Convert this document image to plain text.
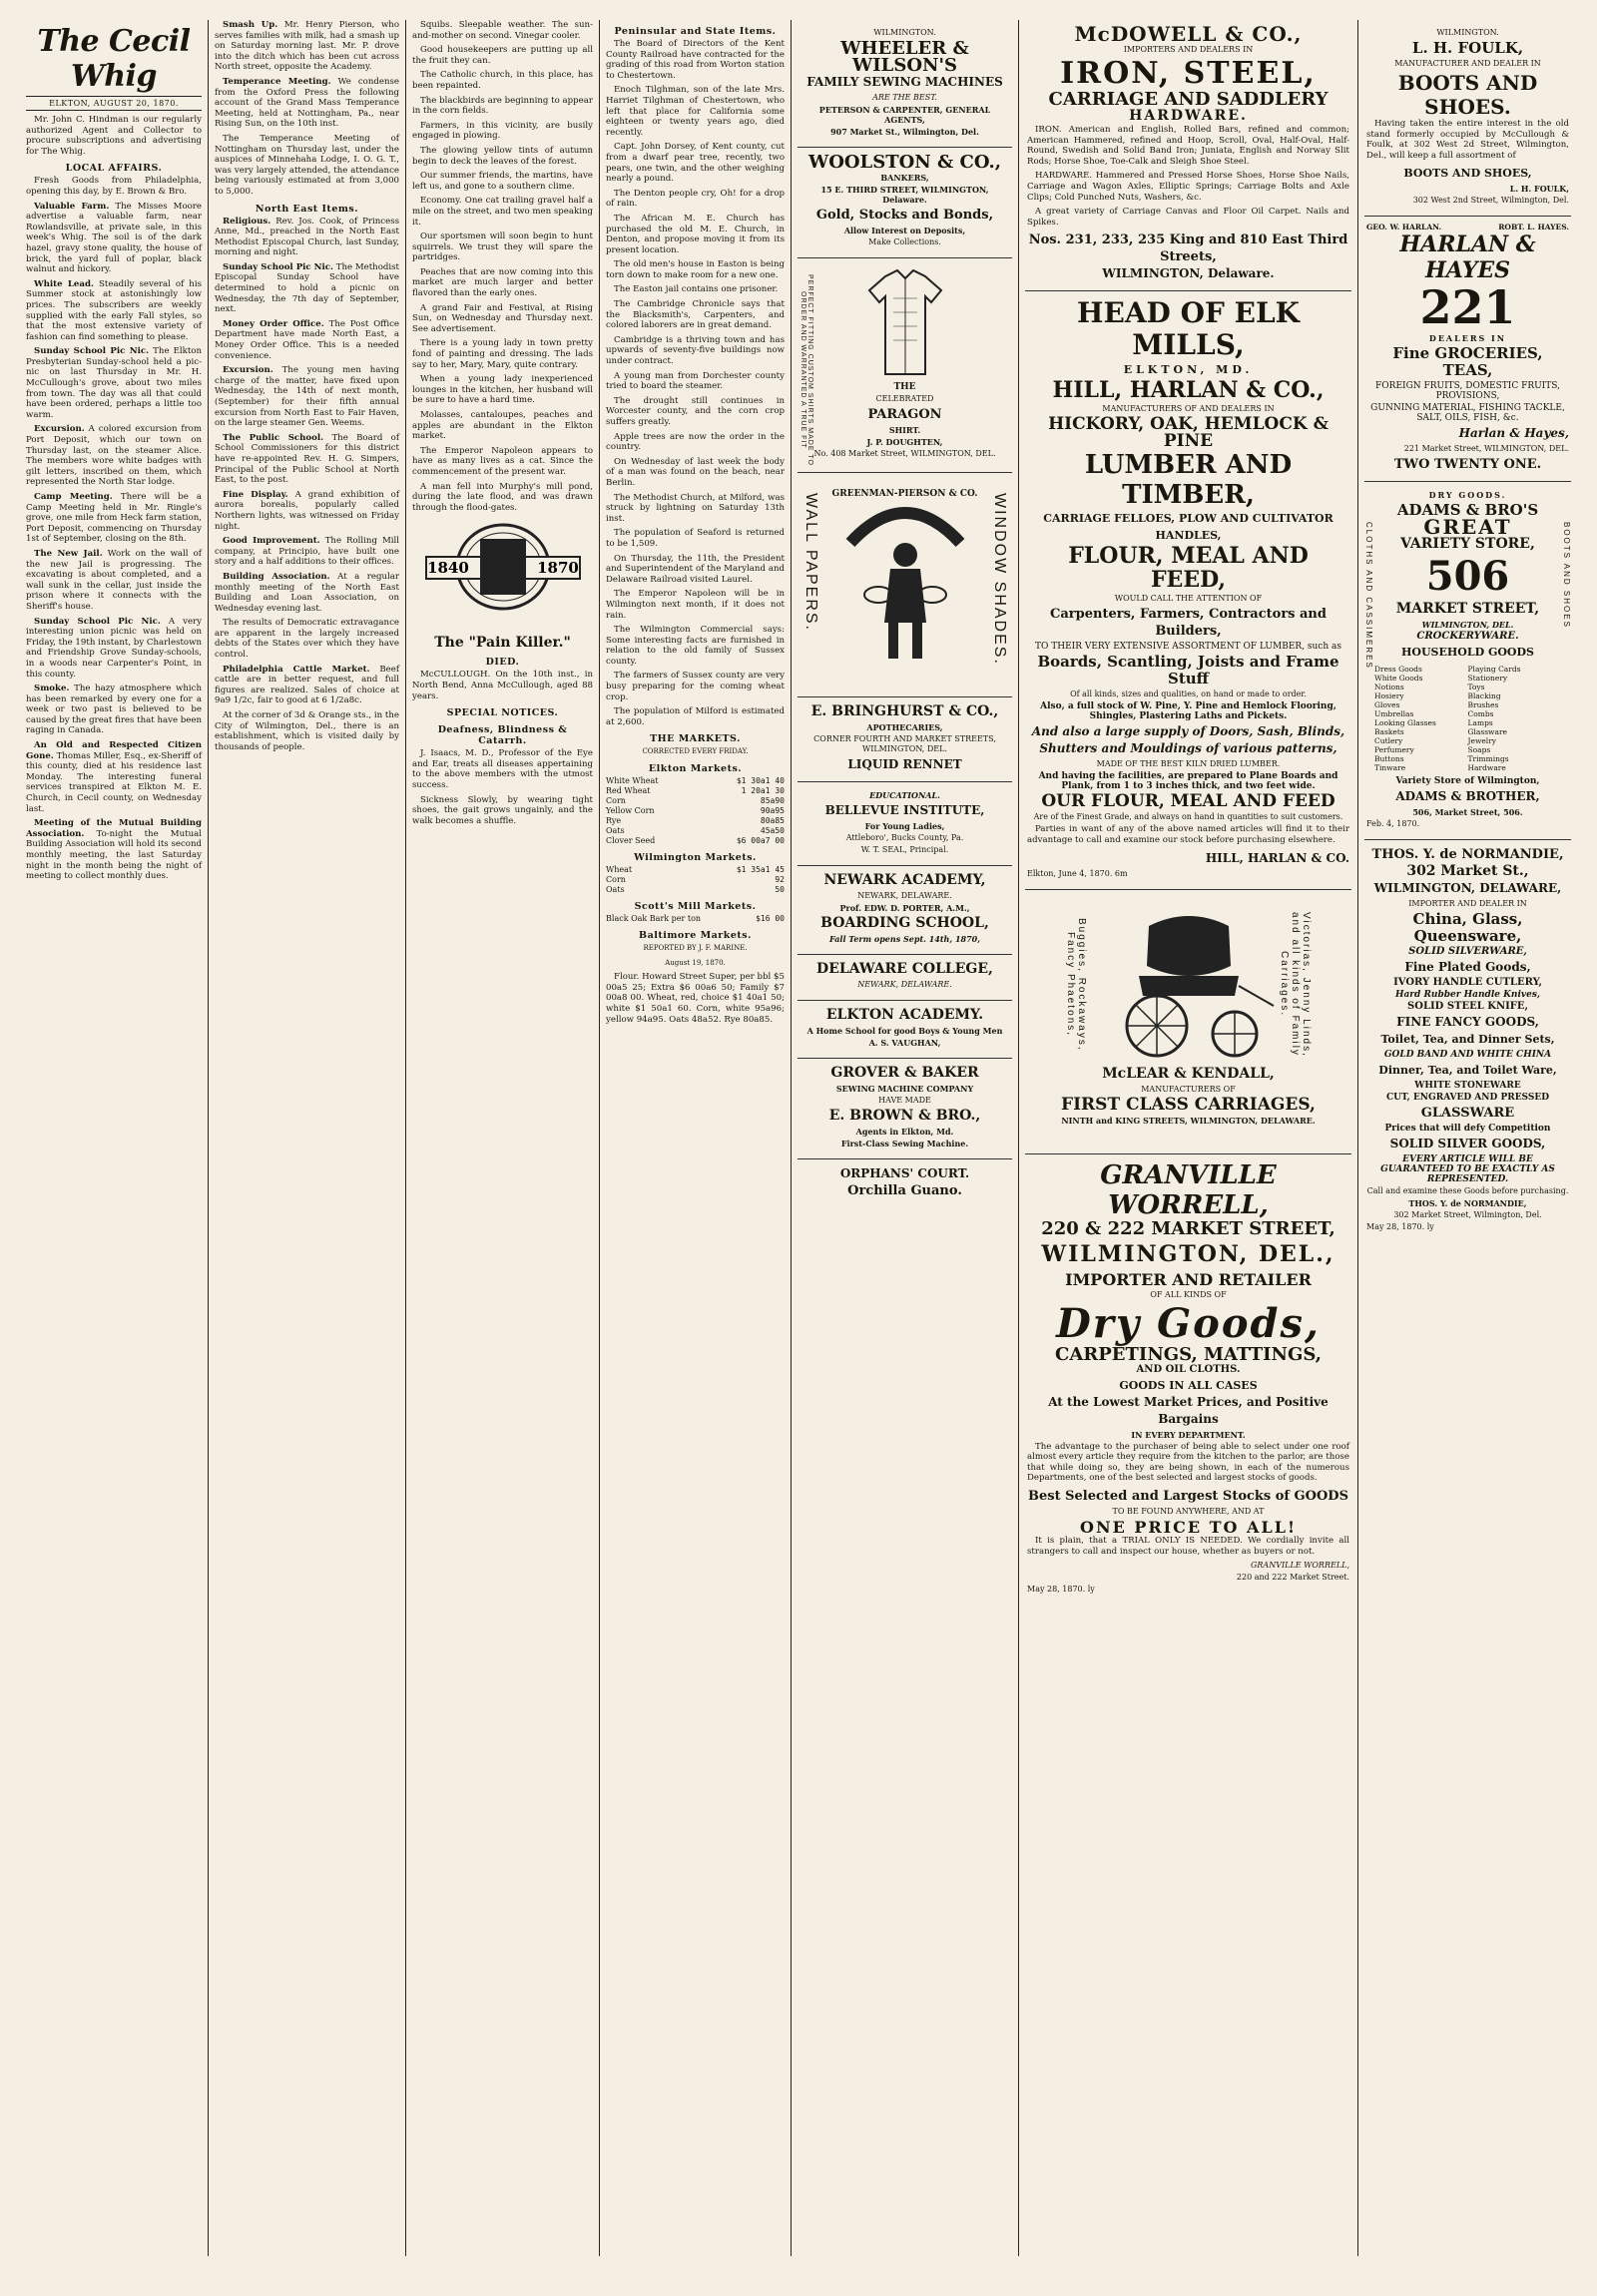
The Cecil Whig
ELKTON, AUGUST 20, 1870.

Mr. John C. Hindman is our regularly authorized Agent and Collector to procure subscriptions and advertising for The Whig.

LOCAL AFFAIRS.

Fresh Goods from Philadelphia, opening this day, by E. Brown & Bro.

Valuable Farm. The Misses Moore advertise a valuable farm, near Rowlandsville, at private sale, in this week's Whig. The soil is of the dark hazel, gravy stone quality, the house of brick, the yard full of poplar, black walnut and hickory.

White Lead. Steadily several of his Summer stock at astonishingly low prices. The subscribers are weekly supplied with the early Fall styles, so that the most extensive variety of fashion can find something to please.

Sunday School Pic Nic. The Elkton Presbyterian Sunday-school held a pic-nic on last Thursday in Mr. H. McCullough's grove, about two miles from town. The day was all that could have been ordered, perhaps a little too warm.

Excursion. A colored excursion from Port Deposit, which our town on Thursday last, on the steamer Alice. The members wore white badges with gilt letters, inscribed on them, which represented the North Star lodge.

Camp Meeting. There will be a Camp Meeting held in Mr. Ringle's grove, one mile from Heck farm station, Port Deposit, commencing on Thursday 1st of September, closing on the 8th.

The New Jail. Work on the wall of the new Jail is progressing. The excavating is about completed, and a wall sunk in the cellar, just inside the prison where it connects with the Sheriff's house.

Sunday School Pic Nic. A very interesting union picnic was held on Friday, the 19th instant, by Charlestown and Friendship Grove Sunday-schools, in a woods near Carpenter's Point, in this county.

Smoke. The hazy atmosphere which has been remarked by every one for a week or two past is believed to be caused by the great fires that have been raging in Canada.

An Old and Respected Citizen Gone. Thomas Miller, Esq., ex-Sheriff of this county, died at his residence last Monday. The interesting funeral services transpired at Elkton M. E. Church, in Cecil county, on Wednesday last.

Meeting of the Mutual Building Association. To-night the Mutual Building Association will hold its second monthly meeting, the last Saturday night in the month being the night of meeting to collect monthly dues.

Smash Up. Mr. Henry Pierson, who serves families with milk, had a smash up on Saturday morning last. Mr. P. drove into the ditch which has been cut across North street, opposite the Academy.

Temperance Meeting. We condense from the Oxford Press the following account of the Grand Mass Temperance Meeting, held at Nottingham, Pa., near Rising Sun, on the 10th inst.

The Temperance Meeting of Nottingham on Thursday last, under the auspices of Minnehaha Lodge, I. O. G. T., was very largely attended, the attendance being variously estimated at from 3,000 to 5,000.

North East Items.

Religious. Rev. Jos. Cook, of Princess Anne, Md., preached in the North East Methodist Episcopal Church, last Sunday, morning and night.

Sunday School Pic Nic. The Methodist Episcopal Sunday School have determined to hold a picnic on Wednesday, the 7th day of September, next.

Money Order Office. The Post Office Department have made North East, a Money Order Office. This is a needed convenience.

Excursion. The young men having charge of the matter, have fixed upon Wednesday, the 14th of next month, (September) for their fifth annual excursion from North East to Fair Haven, on the large steamer Gen. Weems.

The Public School. The Board of School Commissioners for this district have re-appointed Rev. H. G. Simpers, Principal of the Public School at North East, to the post.

Fine Display. A grand exhibition of aurora borealis, popularly called Northern lights, was witnessed on Friday night.

Good Improvement. The Rolling Mill company, at Principio, have built one story and a half additions to their offices.

Building Association. At a regular monthly meeting of the North East Building and Loan Association, on Wednesday evening last.

The results of Democratic extravagance are apparent in the largely increased debts of the States over which they have control.

Philadelphia Cattle Market. Beef cattle are in better request, and full figures are realized. Sales of choice at 9a9 1/2c, fair to good at 6 1/2a8c.

At the corner of 3d & Orange sts., in the City of Wilmington, Del., there is an establishment, which is visited daily by thousands of people.

Squibs. Sleepable weather. The sun-and-mother on second. Vinegar cooler.

Good housekeepers are putting up all the fruit they can.

The Catholic church, in this place, has been repainted.

The blackbirds are beginning to appear in the corn fields.

Farmers, in this vicinity, are busily engaged in plowing.

The glowing yellow tints of autumn begin to deck the leaves of the forest.

Our summer friends, the martins, have left us, and gone to a southern clime.

Economy. One cat trailing gravel half a mile on the street, and two men speaking it.

Our sportsmen will soon begin to hunt squirrels. We trust they will spare the partridges.

Peaches that are now coming into this market are much larger and better flavored than the early ones.

A grand Fair and Festival, at Rising Sun, on Wednesday and Thursday next. See advertisement.

There is a young lady in town pretty fond of painting and dressing. The lads say to her, Mary, Mary, quite contrary.

When a young lady inexperienced lounges in the kitchen, her husband will be sure to have a hard time.

Molasses, cantaloupes, peaches and apples are abundant in the Elkton market.

The Emperor Napoleon appears to have as many lives as a cat. Since the commencement of the present war.

A man fell into Murphy's mill pond, during the late flood, and was drawn through the flood-gates.

1840	1870
The "Pain Killer."
DIED.

McCULLOUGH. On the 10th inst., in North Bend, Anna McCullough, aged 88 years.

SPECIAL NOTICES.
Deafness, Blindness & Catarrh.

J. Isaacs, M. D., Professor of the Eye and Ear, treats all diseases appertaining to the above members with the utmost success.

Sickness Slowly, by wearing tight shoes, the gait grows ungainly, and the walk becomes a shuffle.

Peninsular and State Items.

The Board of Directors of the Kent County Railroad have contracted for the grading of this road from Worton station to Chestertown.

Enoch Tilghman, son of the late Mrs. Harriet Tilghman of Chestertown, who left that place for California some eighteen or twenty years ago, died recently.

Capt. John Dorsey, of Kent county, cut from a dwarf pear tree, recently, two pears, one twin, and the other weighing nearly a pound.

The Denton people cry, Oh! for a drop of rain.

The African M. E. Church has purchased the old M. E. Church, in Denton, and propose moving it from its present location.

The old men's house in Easton is being torn down to make room for a new one.

The Easton jail contains one prisoner.

The Cambridge Chronicle says that the Blacksmith's, Carpenters, and colored laborers are in great demand.

Cambridge is a thriving town and has upwards of seventy-five buildings now under contract.

A young man from Dorchester county tried to board the steamer.

The drought still continues in Worcester county, and the corn crop suffers greatly.

Apple trees are now the order in the country.

On Wednesday of last week the body of a man was found on the beach, near Berlin.

The Methodist Church, at Milford, was struck by lightning on Saturday 13th inst.

The population of Seaford is returned to be 1,509.

On Thursday, the 11th, the President and Superintendent of the Maryland and Delaware Railroad visited Laurel.

The Emperor Napoleon will be in Wilmington next month, if it does not rain.

The Wilmington Commercial says: Some interesting facts are furnished in relation to the old family of Sussex county.

The farmers of Sussex county are very busy preparing for the coming wheat crop.

The population of Milford is estimated at 2,600.

THE MARKETS.

CORRECTED EVERY FRIDAY.

Elkton Markets.
White Wheat	$1 30a1 40
Red Wheat	1 20a1 30
Corn	85a90
Yellow Corn	90a95
Rye	80a85
Oats	45a50
Clover Seed	$6 00a7 00
Wilmington Markets.
Wheat	$1 35a1 45
Corn	92
Oats	50
Scott's Mill Markets.
Black Oak Bark per ton	$16 00
Baltimore Markets.

REPORTED BY J. F. MARINE.

August 19, 1870.

Flour. Howard Street Super, per bbl $5 00a5 25; Extra $6 00a6 50; Family $7 00a8 00. Wheat, red, choice $1 40a1 50; white $1 50a1 60. Corn, white 95a96; yellow 94a95. Oats 48a52. Rye 80a85.

WILMINGTON.
WHEELER & WILSON'S
FAMILY SEWING MACHINES
ARE THE BEST.
PETERSON & CARPENTER, GENERAL AGENTS,
907 Market St., Wilmington, Del.
WOOLSTON & CO.,
BANKERS,
15 E. THIRD STREET, WILMINGTON, Delaware.
Gold, Stocks and Bonds,
Allow Interest on Deposits,
Make Collections.
PERFECT FITTING CUSTOM SHIRTS MADE TO ORDER AND WARRANTED A TRUE FIT	THE
CELEBRATED
PARAGON
SHIRT.
J. P. DOUGHTEN,
No. 408 Market Street, WILMINGTON, DEL.
WALL PAPERS.	WINDOW SHADES.
GREENMAN-PIERSON & CO.
E. BRINGHURST & CO.,
APOTHECARIES,
CORNER FOURTH AND MARKET STREETS, WILMINGTON, DEL.
LIQUID RENNET
EDUCATIONAL.
BELLEVUE INSTITUTE,
For Young Ladies,
Attleboro', Bucks County, Pa.
W. T. SEAL, Principal.
NEWARK ACADEMY,
NEWARK, DELAWARE.
Prof. EDW. D. PORTER, A.M.,
BOARDING SCHOOL,
Fall Term opens Sept. 14th, 1870,
DELAWARE COLLEGE,
NEWARK, DELAWARE.
ELKTON ACADEMY.
A Home School for good Boys & Young Men
A. S. VAUGHAN,
GROVER & BAKER
SEWING MACHINE COMPANY
HAVE MADE
E. BROWN & BRO.,
Agents in Elkton, Md.
First-Class Sewing Machine.
ORPHANS' COURT.
Orchilla Guano.
McDOWELL & CO.,
IMPORTERS AND DEALERS IN
IRON, STEEL,
CARRIAGE AND SADDLERY
HARDWARE.

IRON. American and English, Rolled Bars, refined and common; American Hammered, refined and Hoop, Scroll, Oval, Half-Oval, Half-Round, Swedish and Solid Band Iron; Juniata, English and Norway Slit Rods; Horse Shoe, Toe-Calk and Sleigh Shoe Steel.

HARDWARE. Hammered and Pressed Horse Shoes, Horse Shoe Nails, Carriage and Wagon Axles, Elliptic Springs; Carriage Bolts and Axle Clips; Cold Punched Nuts, Washers, &c.

A great variety of Carriage Canvas and Floor Oil Carpet. Nails and Spikes.

Nos. 231, 233, 235 King and 810 East Third Streets,
WILMINGTON, Delaware.
HEAD OF ELK MILLS,
ELKTON, MD.
HILL, HARLAN & CO.,
MANUFACTURERS OF AND DEALERS IN
HICKORY, OAK, HEMLOCK & PINE
LUMBER AND TIMBER,
CARRIAGE FELLOES, PLOW AND CULTIVATOR HANDLES,
FLOUR, MEAL AND FEED,
WOULD CALL THE ATTENTION OF
Carpenters, Farmers, Contractors and Builders,
TO THEIR VERY EXTENSIVE ASSORTMENT OF LUMBER, such as
Boards, Scantling, Joists and Frame Stuff
Of all kinds, sizes and qualities, on hand or made to order.
Also, a full stock of W. Pine, Y. Pine and Hemlock Flooring, Shingles, Plastering Laths and Pickets.
And also a large supply of Doors, Sash, Blinds, Shutters and Mouldings of various patterns,
MADE OF THE BEST KILN DRIED LUMBER.
And having the facilities, are prepared to Plane Boards and Plank, from 1 to 3 inches thick, and two feet wide.
OUR FLOUR, MEAL AND FEED
Are of the Finest Grade, and always on hand in quantities to suit customers.

Parties in want of any of the above named articles will find it to their advantage to call and examine our stock before purchasing elsewhere.

HILL, HARLAN & CO.
Elkton, June 4, 1870. 6m
Buggies, Rockaways, Fancy Phaetons,	Victorias, Jenny Linds, and all kinds of Family Carriages.
McLEAR & KENDALL,
MANUFACTURERS OF
FIRST CLASS CARRIAGES,
NINTH and KING STREETS, WILMINGTON, DELAWARE.
GRANVILLE WORRELL,
220 & 222 MARKET STREET,
WILMINGTON, DEL.,
IMPORTER AND RETAILER
OF ALL KINDS OF
Dry Goods,
CARPETINGS, MATTINGS,
AND OIL CLOTHS.
GOODS IN ALL CASES
At the Lowest Market Prices, and Positive Bargains
IN EVERY DEPARTMENT.

The advantage to the purchaser of being able to select under one roof almost every article they require from the kitchen to the parlor, are those that while doing so, they are being shown, in each of the numerous Departments, one of the best selected and largest stocks of goods.

Best Selected and Largest Stocks of GOODS
TO BE FOUND ANYWHERE, AND AT
ONE PRICE TO ALL!

It is plain, that a TRIAL ONLY IS NEEDED. We cordially invite all strangers to call and inspect our house, whether as buyers or not.

GRANVILLE WORRELL,
220 and 222 Market Street.
May 28, 1870. ly
WILMINGTON.
L. H. FOULK,
MANUFACTURER AND DEALER IN
BOOTS AND SHOES.

Having taken the entire interest in the old stand formerly occupied by McCullough & Foulk, at 302 West 2d Street, Wilmington, Del., will keep a full assortment of

BOOTS AND SHOES,
L. H. FOULK,
302 West 2nd Street, Wilmington, Del.
GEO. W. HARLAN.	ROBT. L. HAYES.
HARLAN & HAYES
221
DEALERS IN
Fine GROCERIES, TEAS,
FOREIGN FRUITS, DOMESTIC FRUITS, PROVISIONS,
GUNNING MATERIAL, FISHING TACKLE, SALT, OILS, FISH, &c.
Harlan & Hayes,
221 Market Street, WILMINGTON, DEL.
TWO TWENTY ONE.
CLOTHS AND CASSIMERES	BOOTS AND SHOES
DRY GOODS.
ADAMS & BRO'S
GREAT
VARIETY STORE,
506
MARKET STREET,
WILMINGTON, DEL.
CROCKERYWARE.
HOUSEHOLD GOODS
Dress Goods	Playing Cards
White Goods	Stationery
Notions	Toys
Hosiery	Blacking
Gloves	Brushes
Umbrellas	Combs
Looking Glasses	Lamps
Baskets	Glassware
Cutlery	Jewelry
Perfumery	Soaps
Buttons	Trimmings
Tinware	Hardware
Variety Store of Wilmington,
ADAMS & BROTHER,
506, Market Street, 506.
Feb. 4, 1870.
THOS. Y. de NORMANDIE,
302 Market St.,
WILMINGTON, DELAWARE,
IMPORTER AND DEALER IN
China, Glass, Queensware,
SOLID SILVERWARE,
Fine Plated Goods,
IVORY HANDLE CUTLERY,
Hard Rubber Handle Knives,
SOLID STEEL KNIFE,
FINE FANCY GOODS,
Toilet, Tea, and Dinner Sets,
GOLD BAND AND WHITE CHINA
Dinner, Tea, and Toilet Ware,
WHITE STONEWARE
CUT, ENGRAVED AND PRESSED
GLASSWARE
Prices that will defy Competition
SOLID SILVER GOODS,
EVERY ARTICLE WILL BE GUARANTEED TO BE EXACTLY AS REPRESENTED.
Call and examine these Goods before purchasing.
THOS. Y. de NORMANDIE,
302 Market Street, Wilmington, Del.
May 28, 1870. ly
